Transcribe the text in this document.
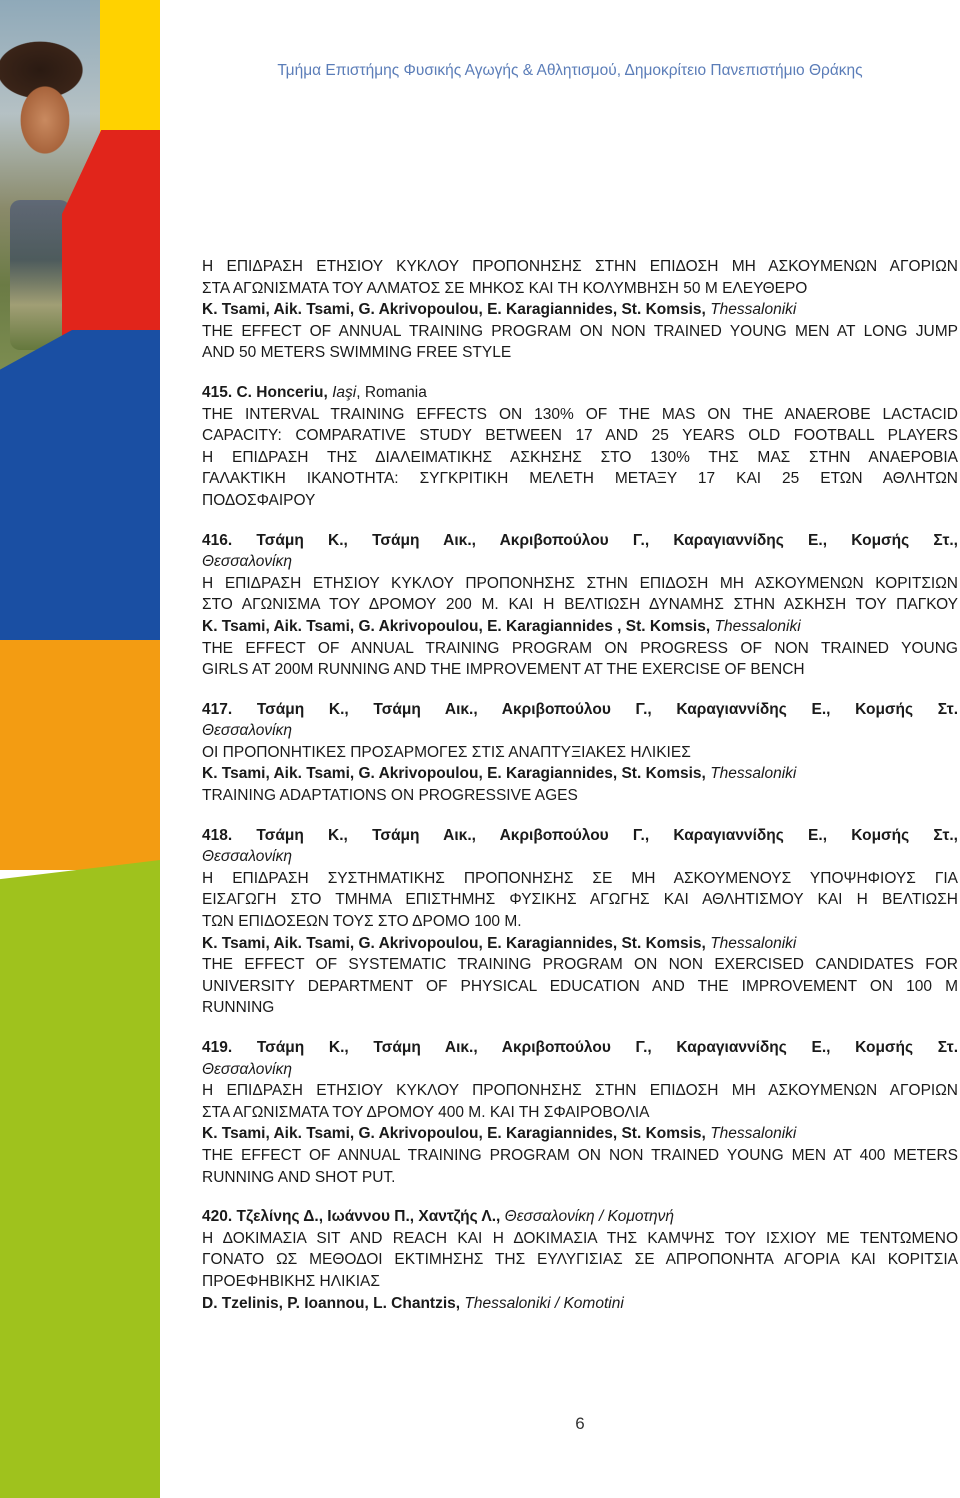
Τμήμα Επιστήμης Φυσικής Αγωγής & Αθλητισμού, Δημοκρίτειο Πανεπιστήμιο Θράκης
Η ΕΠΙΔΡΑΣΗ ΕΤΗΣΙΟΥ ΚΥΚΛΟΥ ΠΡΟΠΟΝΗΣΗΣ ΣΤΗΝ ΕΠΙΔΟΣΗ ΜΗ ΑΣΚΟΥΜΕΝΩΝ ΑΓΟΡΙΩΝ
ΣΤΑ ΑΓΩΝΙΣΜΑΤΑ ΤΟΥ ΑΛΜΑΤΟΣ ΣΕ ΜΗΚΟΣ ΚΑΙ ΤΗ ΚΟΛΥΜΒΗΣΗ 50 Μ ΕΛΕΥΘΕΡΟ
K. Tsami, Aik. Tsami, G. Akrivopoulou, E. Karagiannides, St. Komsis, Thessaloniki
THE EFFECT OF ANNUAL TRAINING PROGRAM ON NON TRAINED YOUNG MEN AT LONG JUMP
AND 50 METERS SWIMMING FREE STYLE
415. C. Honceriu, Iaşi, Romania
THE INTERVAL TRAINING EFFECTS ON 130% OF THE MAS ON THE ANAEROBE LACTACID
CAPACITY: COMPARATIVE STUDY BETWEEN 17 AND 25 YEARS OLD FOOTBALL PLAYERS
Η ΕΠΙΔΡΑΣΗ ΤΗΣ ΔΙΑΛΕΙΜΑΤΙΚΗΣ ΑΣΚΗΣΗΣ ΣΤΟ 130% ΤΗΣ ΜΑΣ ΣΤΗΝ ΑΝΑΕΡΟΒΙΑ
ΓΑΛΑΚΤΙΚΗ ΙΚΑΝΟΤΗΤΑ: ΣΥΓΚΡΙΤΙΚΗ ΜΕΛΕΤΗ ΜΕΤΑΞΥ 17 ΚΑΙ 25 ΕΤΩΝ ΑΘΛΗΤΩΝ
ΠΟΔΟΣΦΑΙΡΟΥ
416. Τσάμη Κ., Τσάμη Αικ., Ακριβοπούλου Γ., Καραγιαννίδης Ε., Κομσής Στ.,
Θεσσαλονίκη
Η ΕΠΙΔΡΑΣΗ ΕΤΗΣΙΟΥ ΚΥΚΛΟΥ ΠΡΟΠΟΝΗΣΗΣ ΣΤΗΝ ΕΠΙΔΟΣΗ ΜΗ ΑΣΚΟΥΜΕΝΩΝ ΚΟΡΙΤΣΙΩΝ
ΣΤΟ ΑΓΩΝΙΣΜΑ ΤΟΥ ΔΡΟΜΟΥ 200 Μ. ΚΑΙ Η ΒΕΛΤΙΩΣΗ ΔΥΝΑΜΗΣ ΣΤΗΝ ΑΣΚΗΣΗ ΤΟΥ ΠΑΓΚΟΥ
K. Tsami, Aik. Tsami, G. Akrivopoulou, E. Karagiannides , St. Komsis, Thessaloniki
THE EFFECT OF ANNUAL TRAINING PROGRAM ON PROGRESS OF NON TRAINED YOUNG
GIRLS AT 200M RUNNING AND THE IMPROVEMENT AT THE EXERCISE OF BENCH
417. Τσάμη Κ., Τσάμη Αικ., Ακριβοπούλου Γ., Καραγιαννίδης Ε., Κομσής Στ.
Θεσσαλονίκη
ΟΙ ΠΡΟΠΟΝΗΤΙΚΕΣ ΠΡΟΣΑΡΜΟΓΕΣ ΣΤΙΣ ΑΝΑΠΤΥΞΙΑΚΕΣ ΗΛΙΚΙΕΣ
K. Tsami, Aik. Tsami, G. Akrivopoulou, E. Karagiannides, St. Komsis, Thessaloniki
TRAINING ADAPTATIONS ON PROGRESSIVE AGES
418. Τσάμη Κ., Τσάμη Αικ., Ακριβοπούλου Γ., Καραγιαννίδης Ε., Κομσής Στ.,
Θεσσαλονίκη
Η ΕΠΙΔΡΑΣΗ ΣΥΣΤΗΜΑΤΙΚΗΣ ΠΡΟΠΟΝΗΣΗΣ ΣΕ ΜΗ ΑΣΚΟΥΜΕΝΟΥΣ ΥΠΟΨΗΦΙΟΥΣ ΓΙΑ
ΕΙΣΑΓΩΓΗ ΣΤΟ ΤΜΗΜΑ ΕΠΙΣΤΗΜΗΣ ΦΥΣΙΚΗΣ ΑΓΩΓΗΣ ΚΑΙ ΑΘΛΗΤΙΣΜΟΥ ΚΑΙ Η ΒΕΛΤΙΩΣΗ
ΤΩΝ ΕΠΙΔΟΣΕΩΝ ΤΟΥΣ ΣΤΟ ΔΡΟΜΟ 100 Μ.
K. Tsami, Aik. Tsami, G. Akrivopoulou, E. Karagiannides, St. Komsis, Thessaloniki
THE EFFECT OF SYSTEMATIC TRAINING PROGRAM ON NON EXERCISED CANDIDATES FOR
UNIVERSITY DEPARTMENT OF PHYSICAL EDUCATION AND THE IMPROVEMENT ON 100 M
RUNNING
419. Τσάμη Κ., Τσάμη Αικ., Ακριβοπούλου Γ., Καραγιαννίδης Ε., Κομσής Στ.
Θεσσαλονίκη
Η ΕΠΙΔΡΑΣΗ ΕΤΗΣΙΟΥ ΚΥΚΛΟΥ ΠΡΟΠΟΝΗΣΗΣ ΣΤΗΝ ΕΠΙΔΟΣΗ ΜΗ ΑΣΚΟΥΜΕΝΩΝ ΑΓΟΡΙΩΝ
ΣΤΑ ΑΓΩΝΙΣΜΑΤΑ ΤΟΥ ΔΡΟΜΟΥ 400 Μ. ΚΑΙ ΤΗ ΣΦΑΙΡΟΒΟΛΙΑ
K. Tsami, Aik. Tsami, G. Akrivopoulou, E. Karagiannides, St. Komsis, Thessaloniki
THE EFFECT OF ANNUAL TRAINING PROGRAM ON NON TRAINED YOUNG MEN AT 400 METERS
RUNNING AND SHOT PUT.
420. Τζελίνης Δ., Ιωάννου Π., Χαντζής Λ., Θεσσαλονίκη / Κομοτηνή
Η ΔΟΚΙΜΑΣΙΑ SIT AND REACH ΚΑΙ Η ΔΟΚΙΜΑΣΙΑ ΤΗΣ ΚΑΜΨΗΣ ΤΟΥ ΙΣΧΙΟΥ ΜΕ ΤΕΝΤΩΜΕΝΟ
ΓΟΝΑΤΟ ΩΣ ΜΕΘΟΔΟΙ ΕΚΤΙΜΗΣΗΣ ΤΗΣ ΕΥΛΥΓΙΣΙΑΣ ΣΕ ΑΠΡΟΠΟΝΗΤΑ ΑΓΟΡΙΑ ΚΑΙ ΚΟΡΙΤΣΙΑ
ΠΡΟΕΦΗΒΙΚΗΣ ΗΛΙΚΙΑΣ
D. Tzelinis, P. Ioannou, L. Chantzis, Thessaloniki / Komotini
6
